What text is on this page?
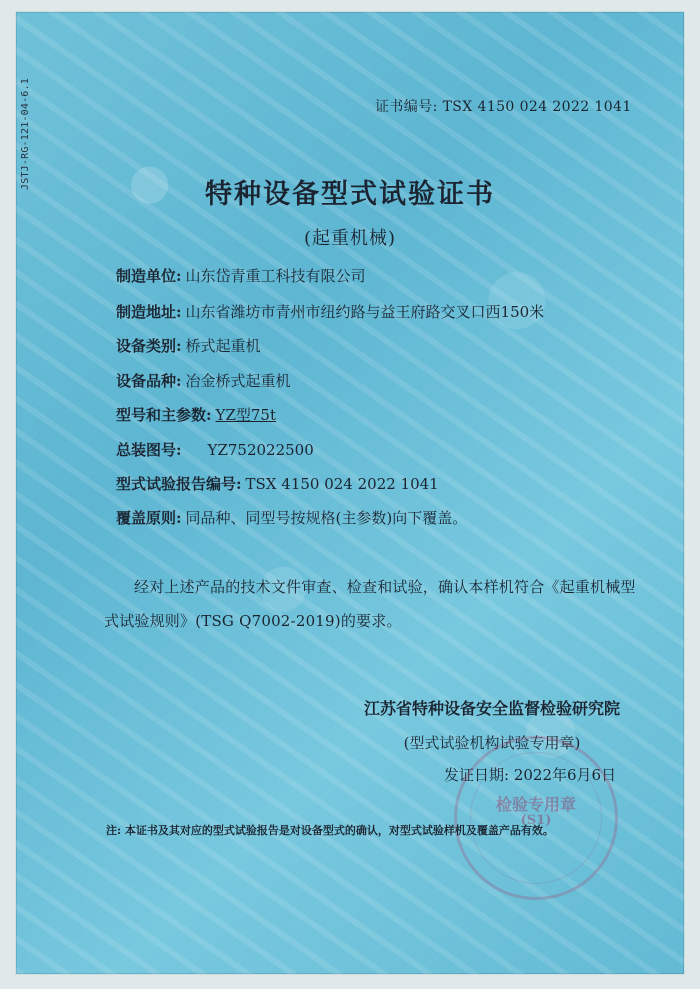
JSTJ-RG-121-04-6.1	证书编号: TSX 4150 024 2022 1041
特种设备型式试验证书
(起重机械)
制造单位: 山东岱青重工科技有限公司
制造地址: 山东省潍坊市青州市纽约路与益王府路交叉口西150米
设备类别: 桥式起重机
设备品种: 冶金桥式起重机
型号和主参数: YZ型75t
总装图号: YZ752022500
型式试验报告编号: TSX 4150 024 2022 1041
覆盖原则: 同品种、同型号按规格(主参数)向下覆盖。
经对上述产品的技术文件审查、检查和试验，确认本样机符合《起重机械型式试验规则》(TSG Q7002-2019)的要求。
江苏省特种设备安全监督检验研究院
(型式试验机构试验专用章)
发证日期: 2022年6月6日
检验专用章
(S1)
注: 本证书及其对应的型式试验报告是对设备型式的确认，对型式试验样机及覆盖产品有效。
